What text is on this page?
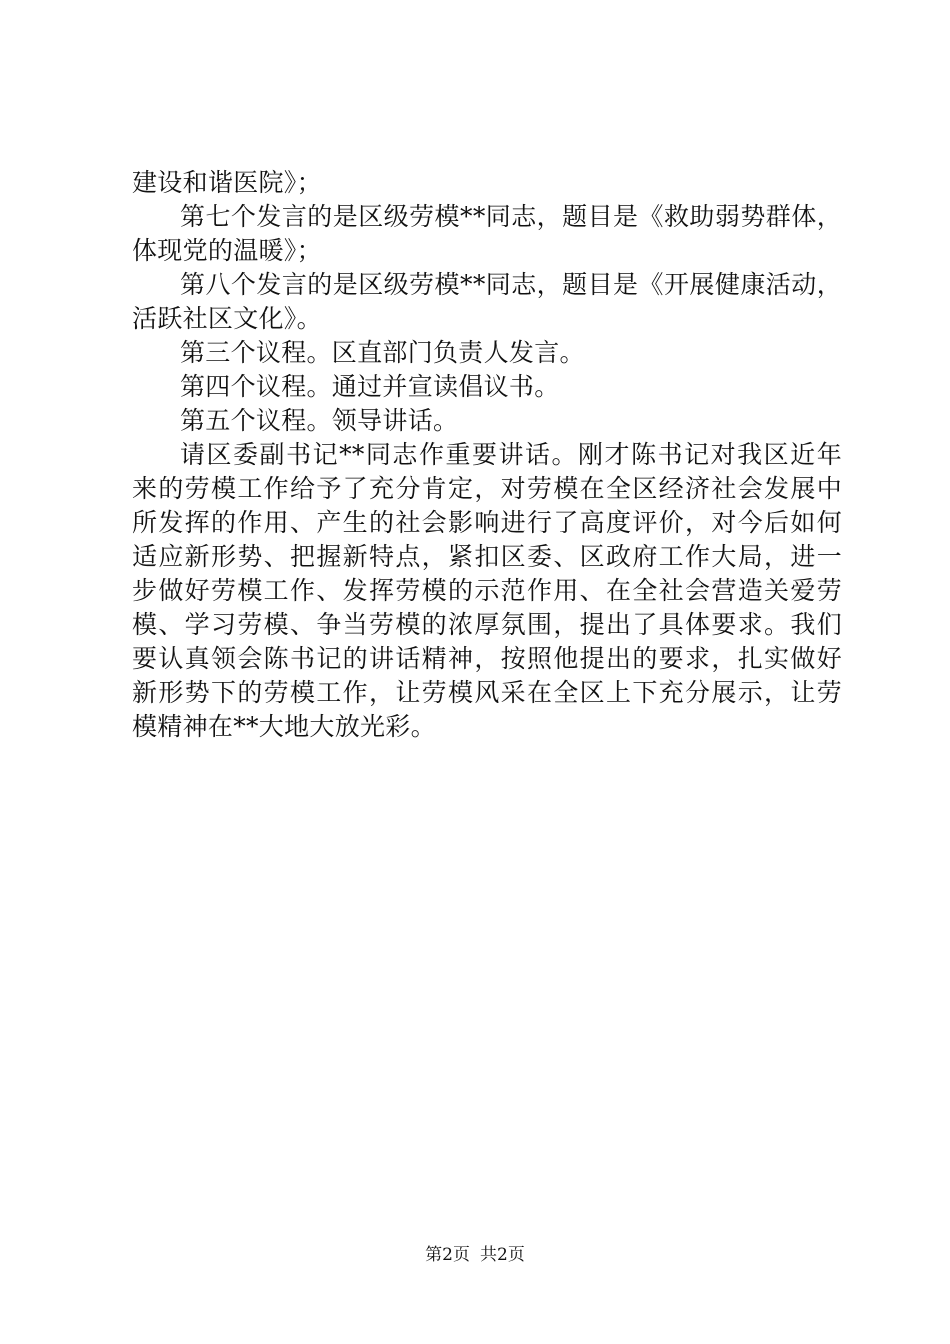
建设和谐医院》；

第七个发言的是区级劳模**同志，题目是《救助弱势群体，

体现党的温暖》；

第八个发言的是区级劳模**同志，题目是《开展健康活动，

活跃社区文化》。

第三个议程。区直部门负责人发言。

第四个议程。通过并宣读倡议书。

第五个议程。领导讲话。

请区委副书记**同志作重要讲话。刚才陈书记对我区近年

来的劳模工作给予了充分肯定，对劳模在全区经济社会发展中

所发挥的作用、产生的社会影响进行了高度评价，对今后如何

适应新形势、把握新特点，紧扣区委、区政府工作大局，进一

步做好劳模工作、发挥劳模的示范作用、在全社会营造关爱劳

模、学习劳模、争当劳模的浓厚氛围，提出了具体要求。我们

要认真领会陈书记的讲话精神，按照他提出的要求，扎实做好

新形势下的劳模工作，让劳模风采在全区上下充分展示，让劳

模精神在**大地大放光彩。

第2页 共2页
